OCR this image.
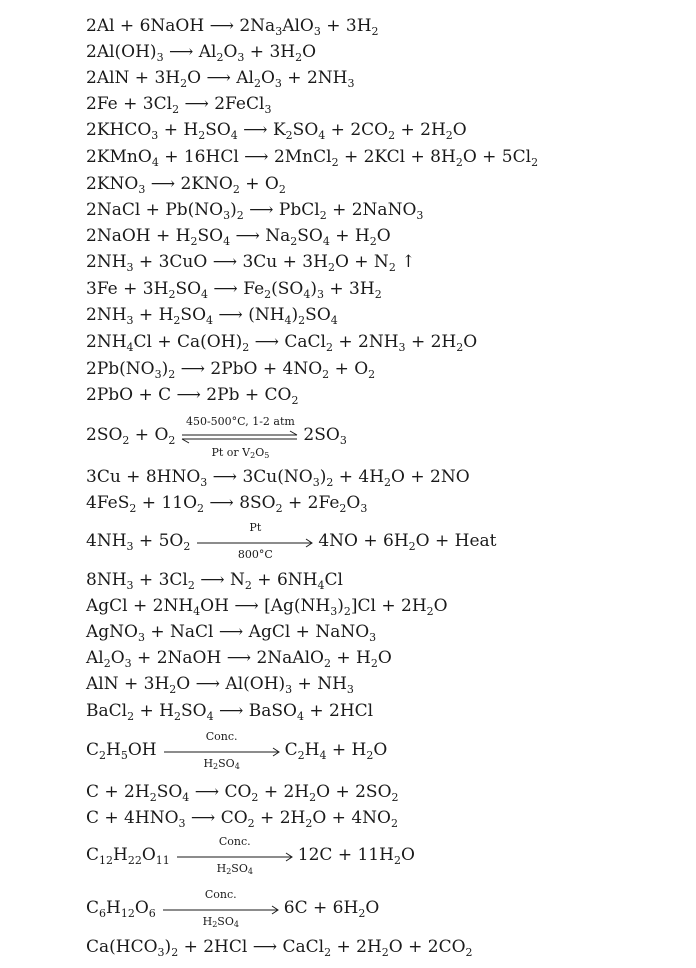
2Al + 6NaOH ⟶ $2Na_3AlO_3 + 3H_2$
$2Al(OH)_3$ ⟶ $Al_2O_3 + 3H_2O$
$2AlN + 3H_2O$ ⟶ $Al_2O_3 + 2NH_3$
$2Fe + 3Cl_2$ ⟶ 2FeCl$_3$
$2KHCO_3 + H_2SO_4$ ⟶ $K_2SO_4 + 2CO_2 + 2H_2O$
2KMnO$_4$ + 16HCl ⟶ 2MnCl$_2$ + $2KCl + 8H_2O + 5Cl_2$
$2KNO_3$ ⟶ $2KNO_2 + O_2$
2NaCl + $Pb(NO_3)_2$ ⟶ PbCl$_2$ + 2NaNO$_3$
2NaOH + $H_2SO_4$ ⟶ $Na_2SO_4 + H_2O$
$2NH_3 + 3CuO$ ⟶ $3Cu + 3H_2O + N_2$ ↑
$3Fe + 3H_2SO_4$ ⟶ $Fe_2(SO_4)_3 + 3H_2$
$2NH_3 + H_2SO_4$ ⟶ $(NH_4)_2SO_4$
$2NH_4Cl + Ca(OH)_2$ ⟶ CaCl$_2$ + $2NH_3 + 2H_2O$
$2Pb(NO_3)_2$ ⟶ $2PbO + 4NO_2 + O_2$
2PbO + C ⟶ $2Pb + CO_2$
$2SO_2 + O_2$
450-500°C, 1-2 atm
Pt or $V_2O_5$
$2SO_3$
$3Cu + 8HNO_3$ ⟶ $3Cu(NO_3)_2 + 4H_2O + 2NO$
$4FeS_2 + 11O_2$ ⟶ $8SO_2 + 2Fe_2O_3$
$4NH_3 + 5O_2$
Pt
800°C
$4NO + 6H_2O$ + Heat
$8NH_3 + 3Cl_2$ ⟶ $N_2 + 6NH_4Cl$
AgCl + $2NH_4OH$ ⟶ $[Ag(NH_3)_2]Cl + 2H_2O$
AgNO$_3$ + NaCl ⟶ AgCl + NaNO$_3$
$Al_2O_3$ + 2NaOH ⟶ 2NaAlO$_2$ + $H_2O$
AlN + $3H_2O$ ⟶ $Al(OH)_3 + NH_3$
BaCl$_2$ + $H_2SO_4$ ⟶ BaSO$_4$ + 2HCl
$C_2H_5OH$
Conc.
$H_2SO_4$
$C_2H_4 + H_2O$
$C + 2H_2SO_4$ ⟶ $CO_2 + 2H_2O + 2SO_2$
$C + 4HNO_3$ ⟶ $CO_2 + 2H_2O + 4NO_2$
$C_{12}H_{22}O_{11}$
Conc.
$H_2SO_4$
$12C + 11H_2O$
$C_6H_{12}O_6$
Conc.
$H_2SO_4$
$6C + 6H_2O$
$Ca(HCO_3)_2 + 2HCl$ ⟶ CaCl$_2$ + $2H_2O + 2CO_2$
